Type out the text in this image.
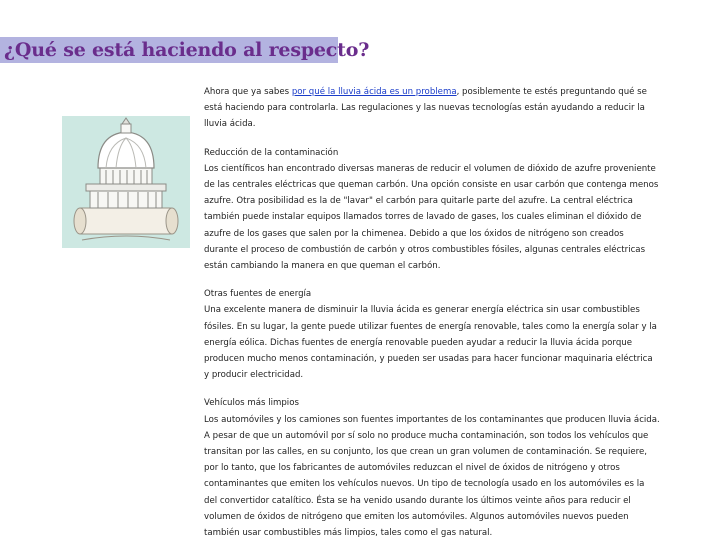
¿Qué se está haciendo al respecto?

Ahora que ya sabes por qué la lluvia ácida es un problema, posiblemente te estés preguntando qué se está haciendo para controlarla. Las regulaciones y las nuevas tecnologías están ayudando a reducir la lluvia ácida.

Reducción de la contaminación
Los científicos han encontrado diversas maneras de reducir el volumen de dióxido de azufre proveniente de las centrales eléctricas que queman carbón. Una opción consiste en usar carbón que contenga menos azufre. Otra posibilidad es la de "lavar" el carbón para quitarle parte del azufre. La central eléctrica también puede instalar equipos llamados torres de lavado de gases, los cuales eliminan el dióxido de azufre de los gases que salen por la chimenea. Debido a que los óxidos de nitrógeno son creados durante el proceso de combustión de carbón y otros combustibles fósiles, algunas centrales eléctricas están cambiando la manera en que queman el carbón.

Otras fuentes de energía
Una excelente manera de disminuir la lluvia ácida es generar energía eléctrica sin usar combustibles fósiles. En su lugar, la gente puede utilizar fuentes de energía renovable, tales como la energía solar y la energía eólica. Dichas fuentes de energía renovable pueden ayudar a reducir la lluvia ácida porque producen mucho menos contaminación, y pueden ser usadas para hacer funcionar maquinaria eléctrica y producir electricidad.

Vehículos más limpios
Los automóviles y los camiones son fuentes importantes de los contaminantes que producen lluvia ácida. A pesar de que un automóvil por sí solo no produce mucha contaminación, son todos los vehículos que transitan por las calles, en su conjunto, los que crean un gran volumen de contaminación. Se requiere, por lo tanto, que los fabricantes de automóviles reduzcan el nivel de óxidos de nitrógeno y otros contaminantes que emiten los vehículos nuevos. Un tipo de tecnología usado en los automóviles es la del convertidor catalítico. Ésta se ha venido usando durante los últimos veinte años para reducir el volumen de óxidos de nitrógeno que emiten los automóviles. Algunos automóviles nuevos pueden también usar combustibles más limpios, tales como el gas natural.
